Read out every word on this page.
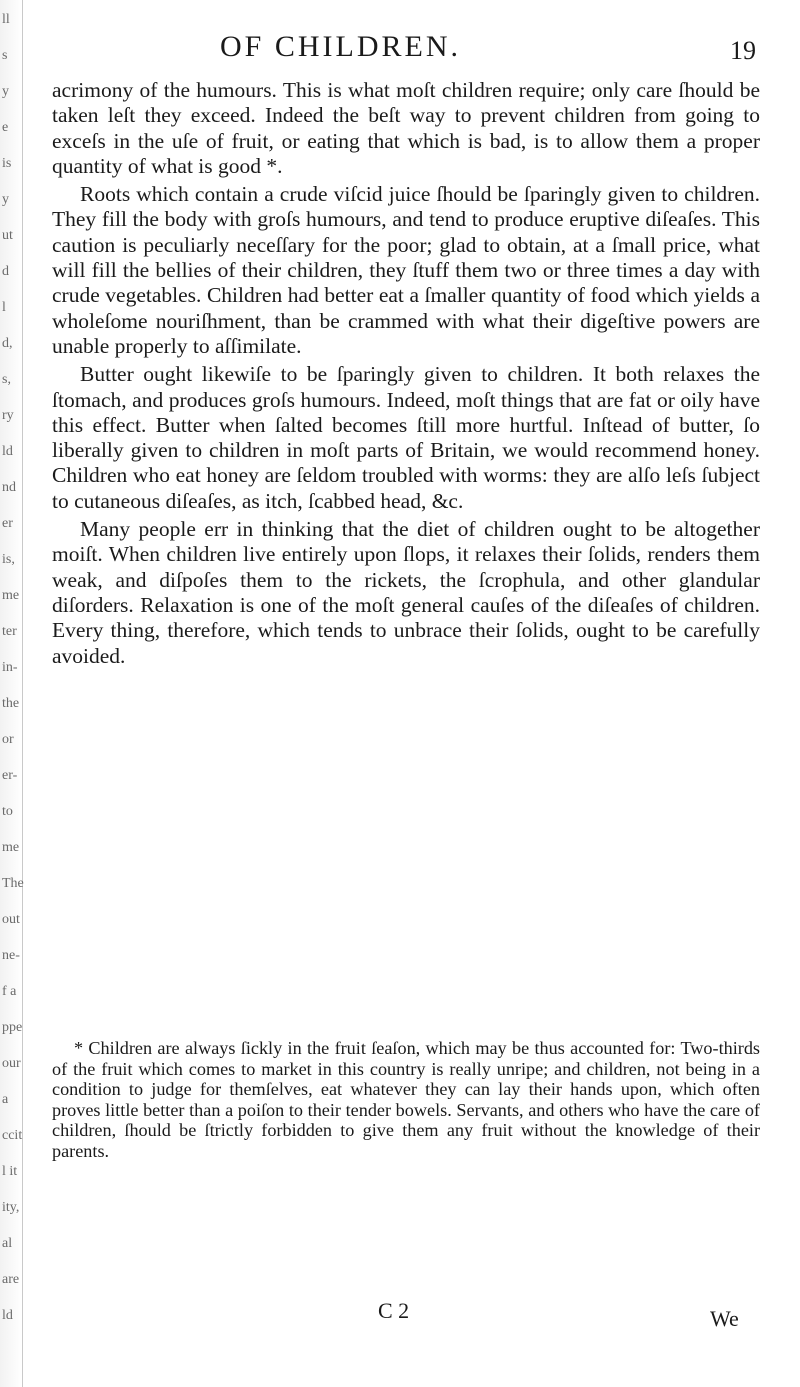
ll
s
y
e
is
y
ut
d
l
d,
s,
ry
ld
nd
er
is,
me
ter
in-
the
or
er-
to
me
The
out
ne-
f a
ppe
our
a
ccit
l it
ity,
al
are
ld
OF CHILDREN.	19

acrimony of the humours. This is what moſt children require; only care ſhould be taken leſt they exceed. Indeed the beſt way to prevent children from going to exceſs in the uſe of fruit, or eating that which is bad, is to allow them a proper quantity of what is good *.

Roots which contain a crude viſcid juice ſhould be ſparingly given to children. They fill the body with groſs humours, and tend to produce eruptive diſeaſes. This caution is peculiarly neceſſary for the poor; glad to obtain, at a ſmall price, what will fill the bellies of their children, they ſtuff them two or three times a day with crude vegetables. Children had better eat a ſmaller quantity of food which yields a wholeſome nouriſhment, than be crammed with what their digeſtive powers are unable properly to aſſimilate.

Butter ought likewiſe to be ſparingly given to children. It both relaxes the ſtomach, and produces groſs humours. Indeed, moſt things that are fat or oily have this effect. Butter when ſalted becomes ſtill more hurtful. Inſtead of butter, ſo liberally given to children in moſt parts of Britain, we would recommend honey. Children who eat honey are ſeldom troubled with worms: they are alſo leſs ſubject to cutaneous diſeaſes, as itch, ſcabbed head, &c.

Many people err in thinking that the diet of children ought to be altogether moiſt. When children live entirely upon ſlops, it relaxes their ſolids, renders them weak, and diſpoſes them to the rickets, the ſcrophula, and other glandular diſorders. Relaxation is one of the moſt general cauſes of the diſeaſes of children. Every thing, therefore, which tends to unbrace their ſolids, ought to be carefully avoided.

* Children are always ſickly in the fruit ſeaſon, which may be thus accounted for: Two-thirds of the fruit which comes to market in this country is really unripe; and children, not being in a condition to judge for themſelves, eat whatever they can lay their hands upon, which often proves little better than a poiſon to their tender bowels. Servants, and others who have the care of children, ſhould be ſtrictly forbidden to give them any fruit without the knowledge of their parents.
C 2	We
